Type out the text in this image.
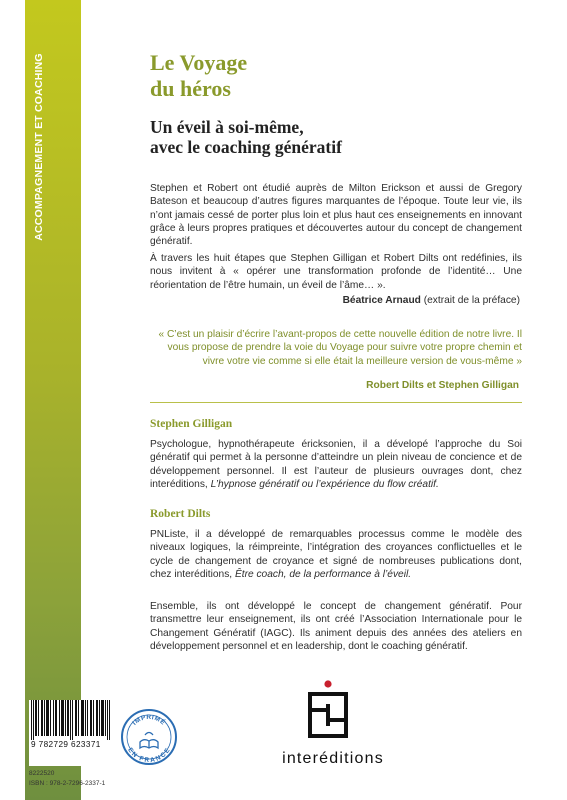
ACCOMPAGNEMENT ET COACHING	Le Voyage
du héros
Un éveil à soi-même,
avec le coaching génératif

Stephen et Robert ont étudié auprès de Milton Erickson et aussi de Gregory Bateson et beaucoup d’autres figures marquantes de l’époque. Toute leur vie, ils n’ont jamais cessé de porter plus loin et plus haut ces enseignements en innovant grâce à leurs propres pratiques et découvertes autour du concept de changement génératif.

À travers les huit étapes que Stephen Gilligan et Robert Dilts ont redéfinies, ils nous invitent à « opérer une transformation profonde de l’identité… Une réorientation de l’être humain, un éveil de l’âme… ».

Béatrice Arnaud (extrait de la préface)

« C’est un plaisir d’écrire l’avant-propos de cette nouvelle édition de notre livre. Il vous propose de prendre la voie du Voyage pour suivre votre propre chemin et vivre votre vie comme si elle était la meilleure version de vous-même »

Robert Dilts et Stephen Gilligan

Stephen Gilligan

Psychologue, hypnothérapeute éricksonien, il a dévelopé l’approche du Soi génératif qui permet à la personne d’atteindre un plein niveau de concience et de développement personnel. Il est l’auteur de plusieurs ouvrages dont, chez interéditions, L’hypnose génératif ou l’expérience du flow créatif.

Robert Dilts

PNListe, il a développé de remarquables processus comme le modèle des niveaux logiques, la réimpreinte, l’intégration des croyances conflictuelles et le cycle de changement de croyance et signé de nombreuses publications dont, chez interéditions, Être coach, de la performance à l’éveil.

Ensemble, ils ont développé le concept de changement génératif. Pour transmettre leur enseignement, ils ont créé l’Association Internationale pour le Changement Génératif (IAGC). Ils animent depuis des années des ateliers en développement personnel et en leadership, dont le coaching génératif.

9 782729 623371
8222520
ISBN : 978-2-7296-2337-1
IMPRIMÉ
EN FRANCE	interéditions
